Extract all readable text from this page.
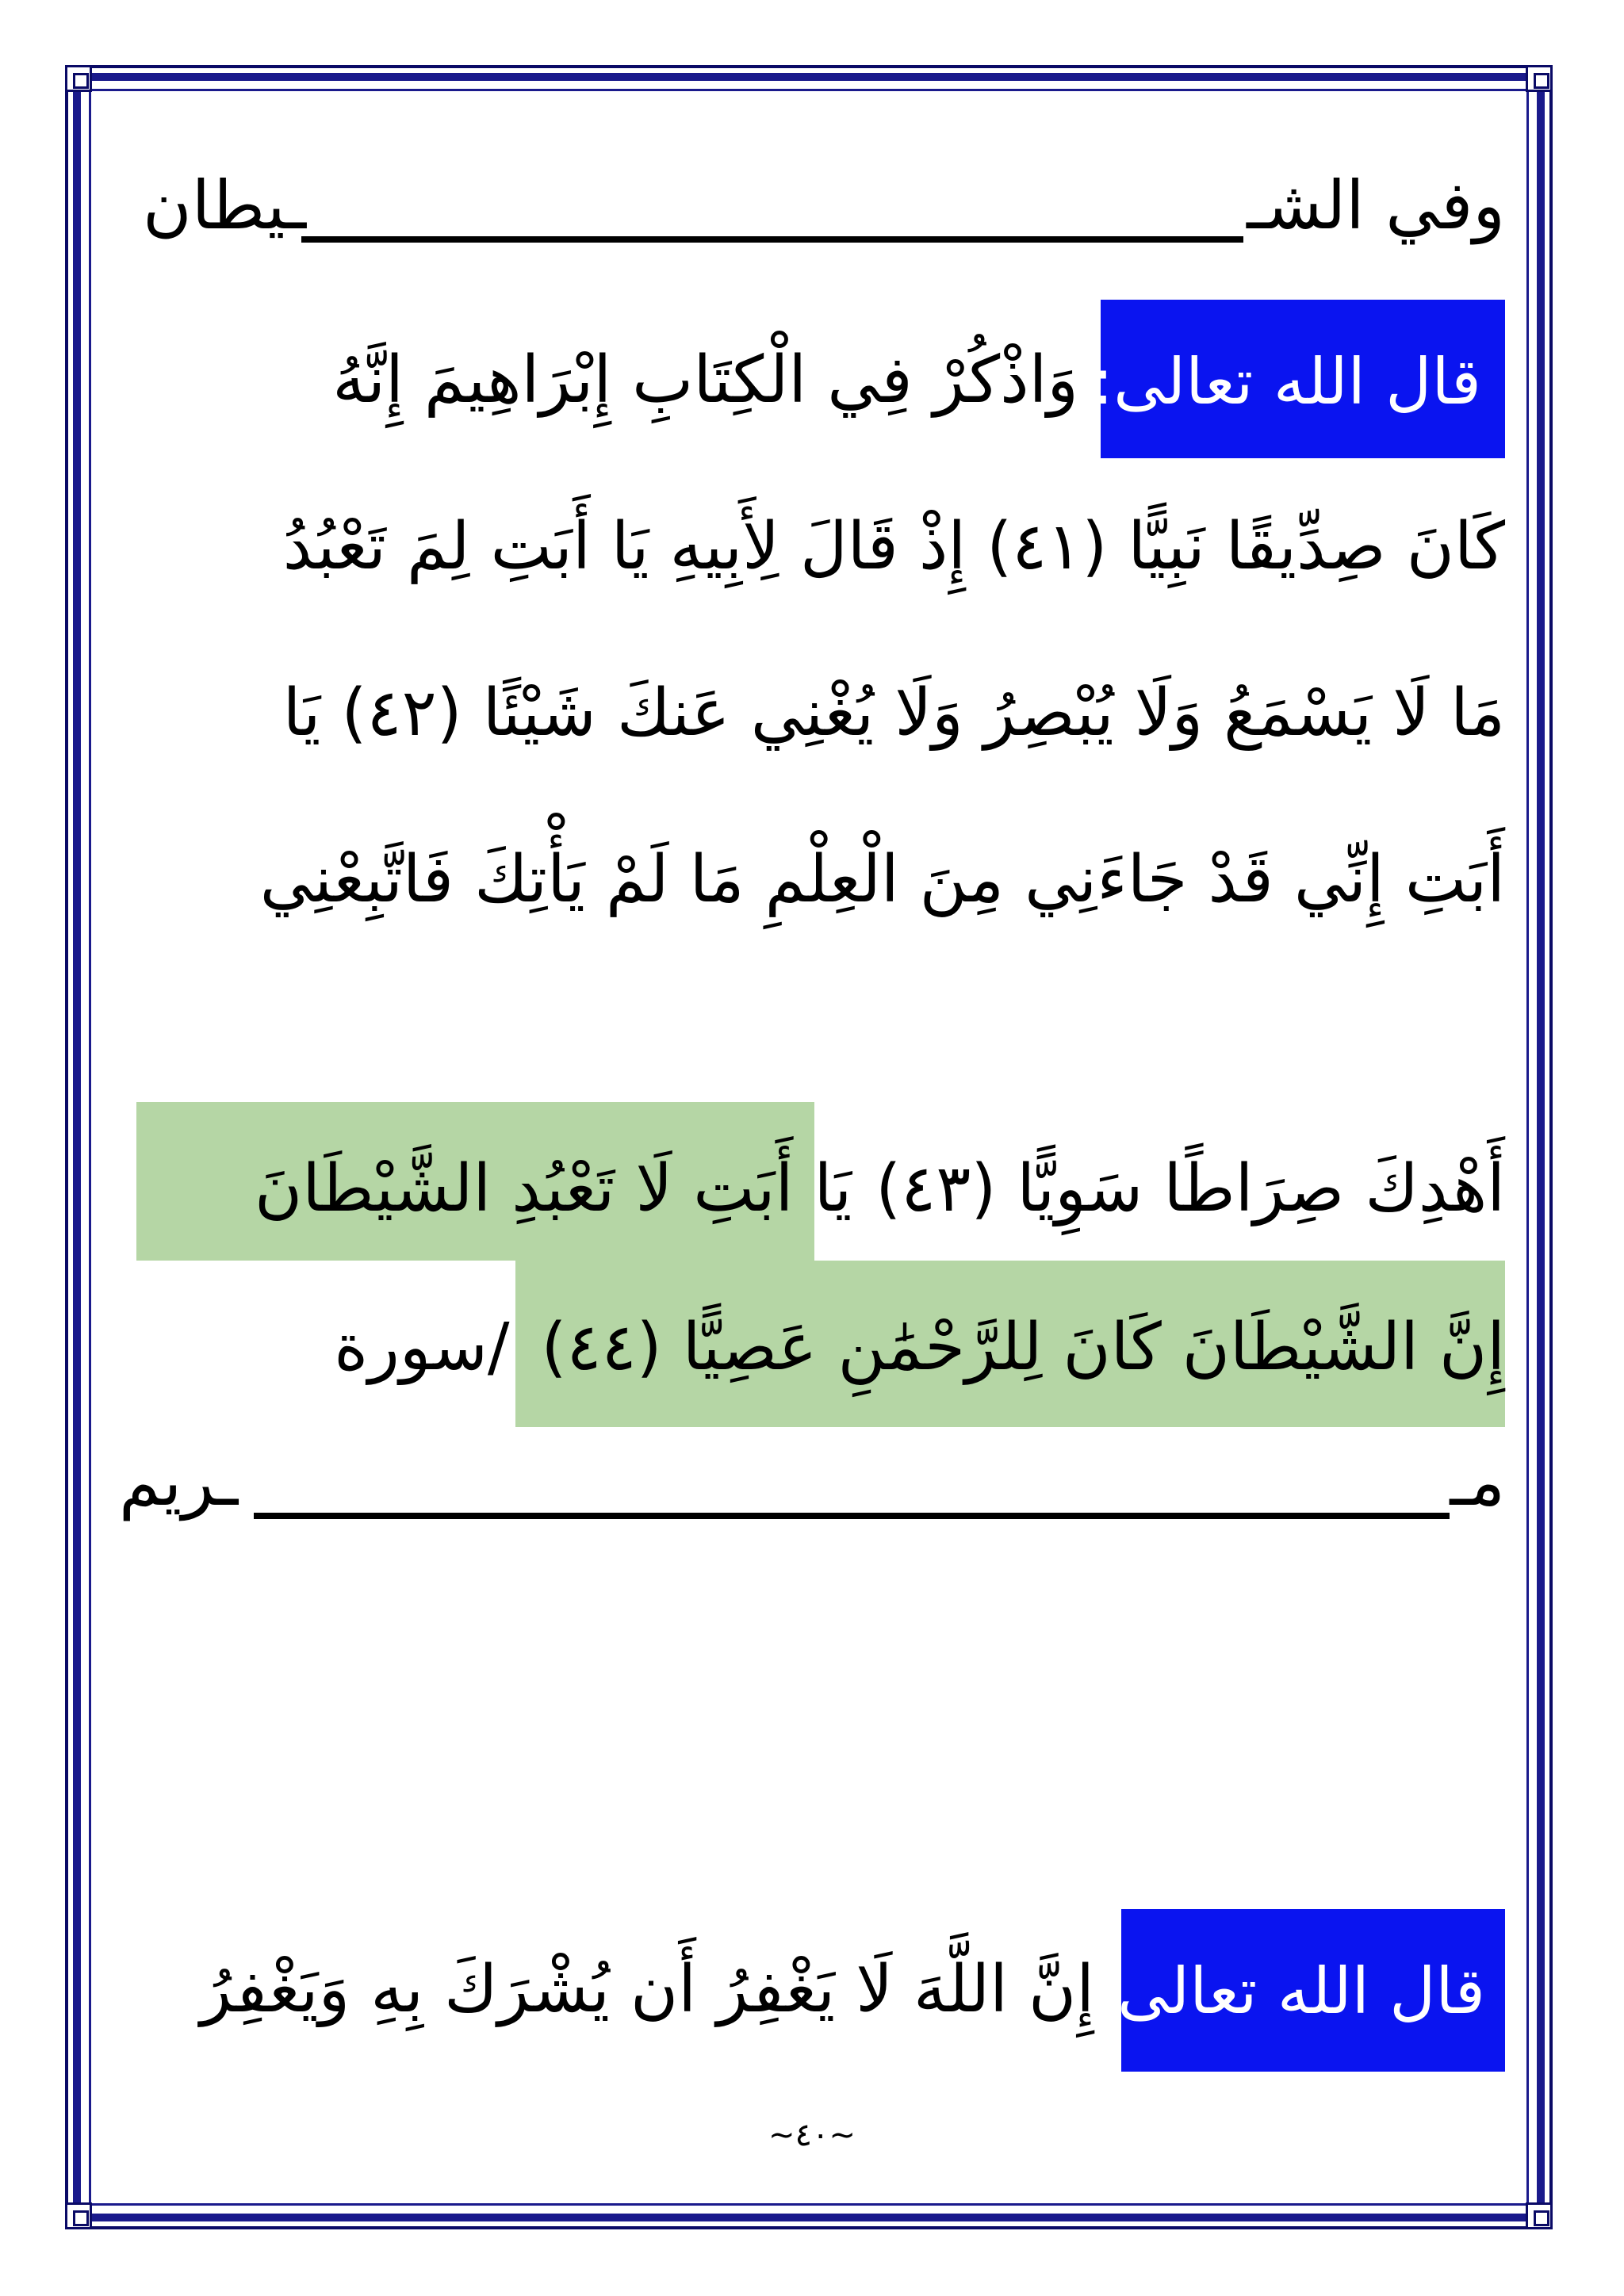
وفي الشـ
ـيطان
قال الله تعالى:
وَاذْكُرْ فِي الْكِتَابِ إِبْرَاهِيمَ إِنَّهُ
كَانَ صِدِّيقًا نَبِيًّا (٤١) إِذْ قَالَ لِأَبِيهِ يَا أَبَتِ لِمَ تَعْبُدُ
مَا لَا يَسْمَعُ وَلَا يُبْصِرُ وَلَا يُغْنِي عَنكَ شَيْئًا (٤٢) يَا
أَبَتِ إِنِّي قَدْ جَاءَنِي مِنَ الْعِلْمِ مَا لَمْ يَأْتِكَ فَاتَّبِعْنِي
أَهْدِكَ صِرَاطًا سَوِيًّا (٤٣)
يَا أَبَتِ لَا تَعْبُدِ الشَّيْطَانَ
إِنَّ الشَّيْطَانَ كَانَ لِلرَّحْمَٰنِ عَصِيًّا (٤٤)
/سورة
مـ
ـريم
قال الله تعالى:
إِنَّ اللَّهَ لَا يَغْفِرُ أَن يُشْرَكَ بِهِ وَيَغْفِرُ
~٤٠~
